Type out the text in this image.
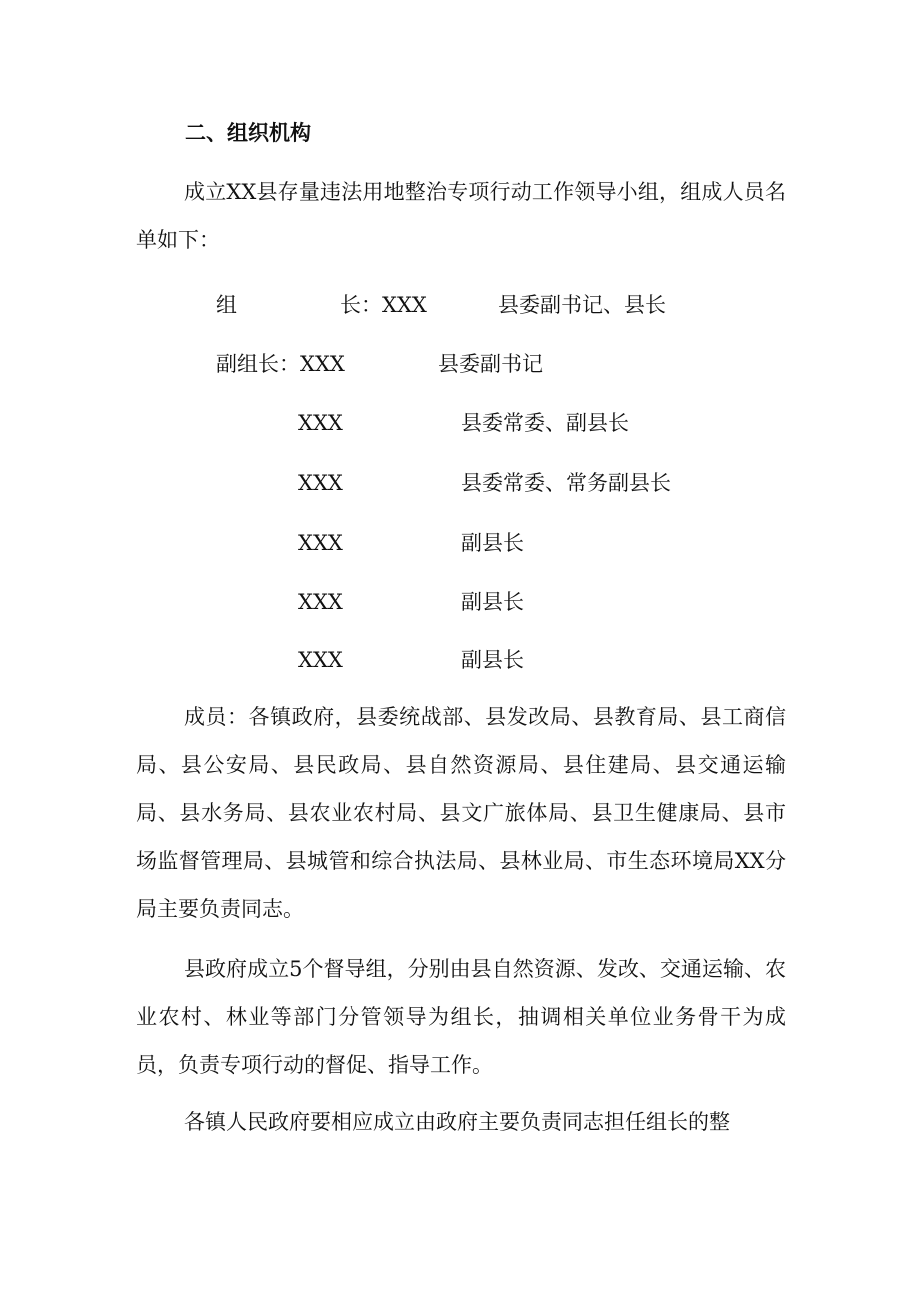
二、组织机构

成立XX县存量违法用地整治专项行动工作领导小组，组成人员名单如下：

组	长：XXX	县委副书记、县长
副组长：XXX	县委副书记
XXX	县委常委、副县长
XXX	县委常委、常务副县长
XXX	副县长
XXX	副县长
XXX	副县长

成员：各镇政府，县委统战部、县发改局、县教育局、县工商信局、县公安局、县民政局、县自然资源局、县住建局、县交通运输局、县水务局、县农业农村局、县文广旅体局、县卫生健康局、县市场监督管理局、县城管和综合执法局、县林业局、市生态环境局XX分局主要负责同志。

县政府成立5个督导组，分别由县自然资源、发改、交通运输、农业农村、林业等部门分管领导为组长，抽调相关单位业务骨干为成员，负责专项行动的督促、指导工作。

各镇人民政府要相应成立由政府主要负责同志担任组长的整
